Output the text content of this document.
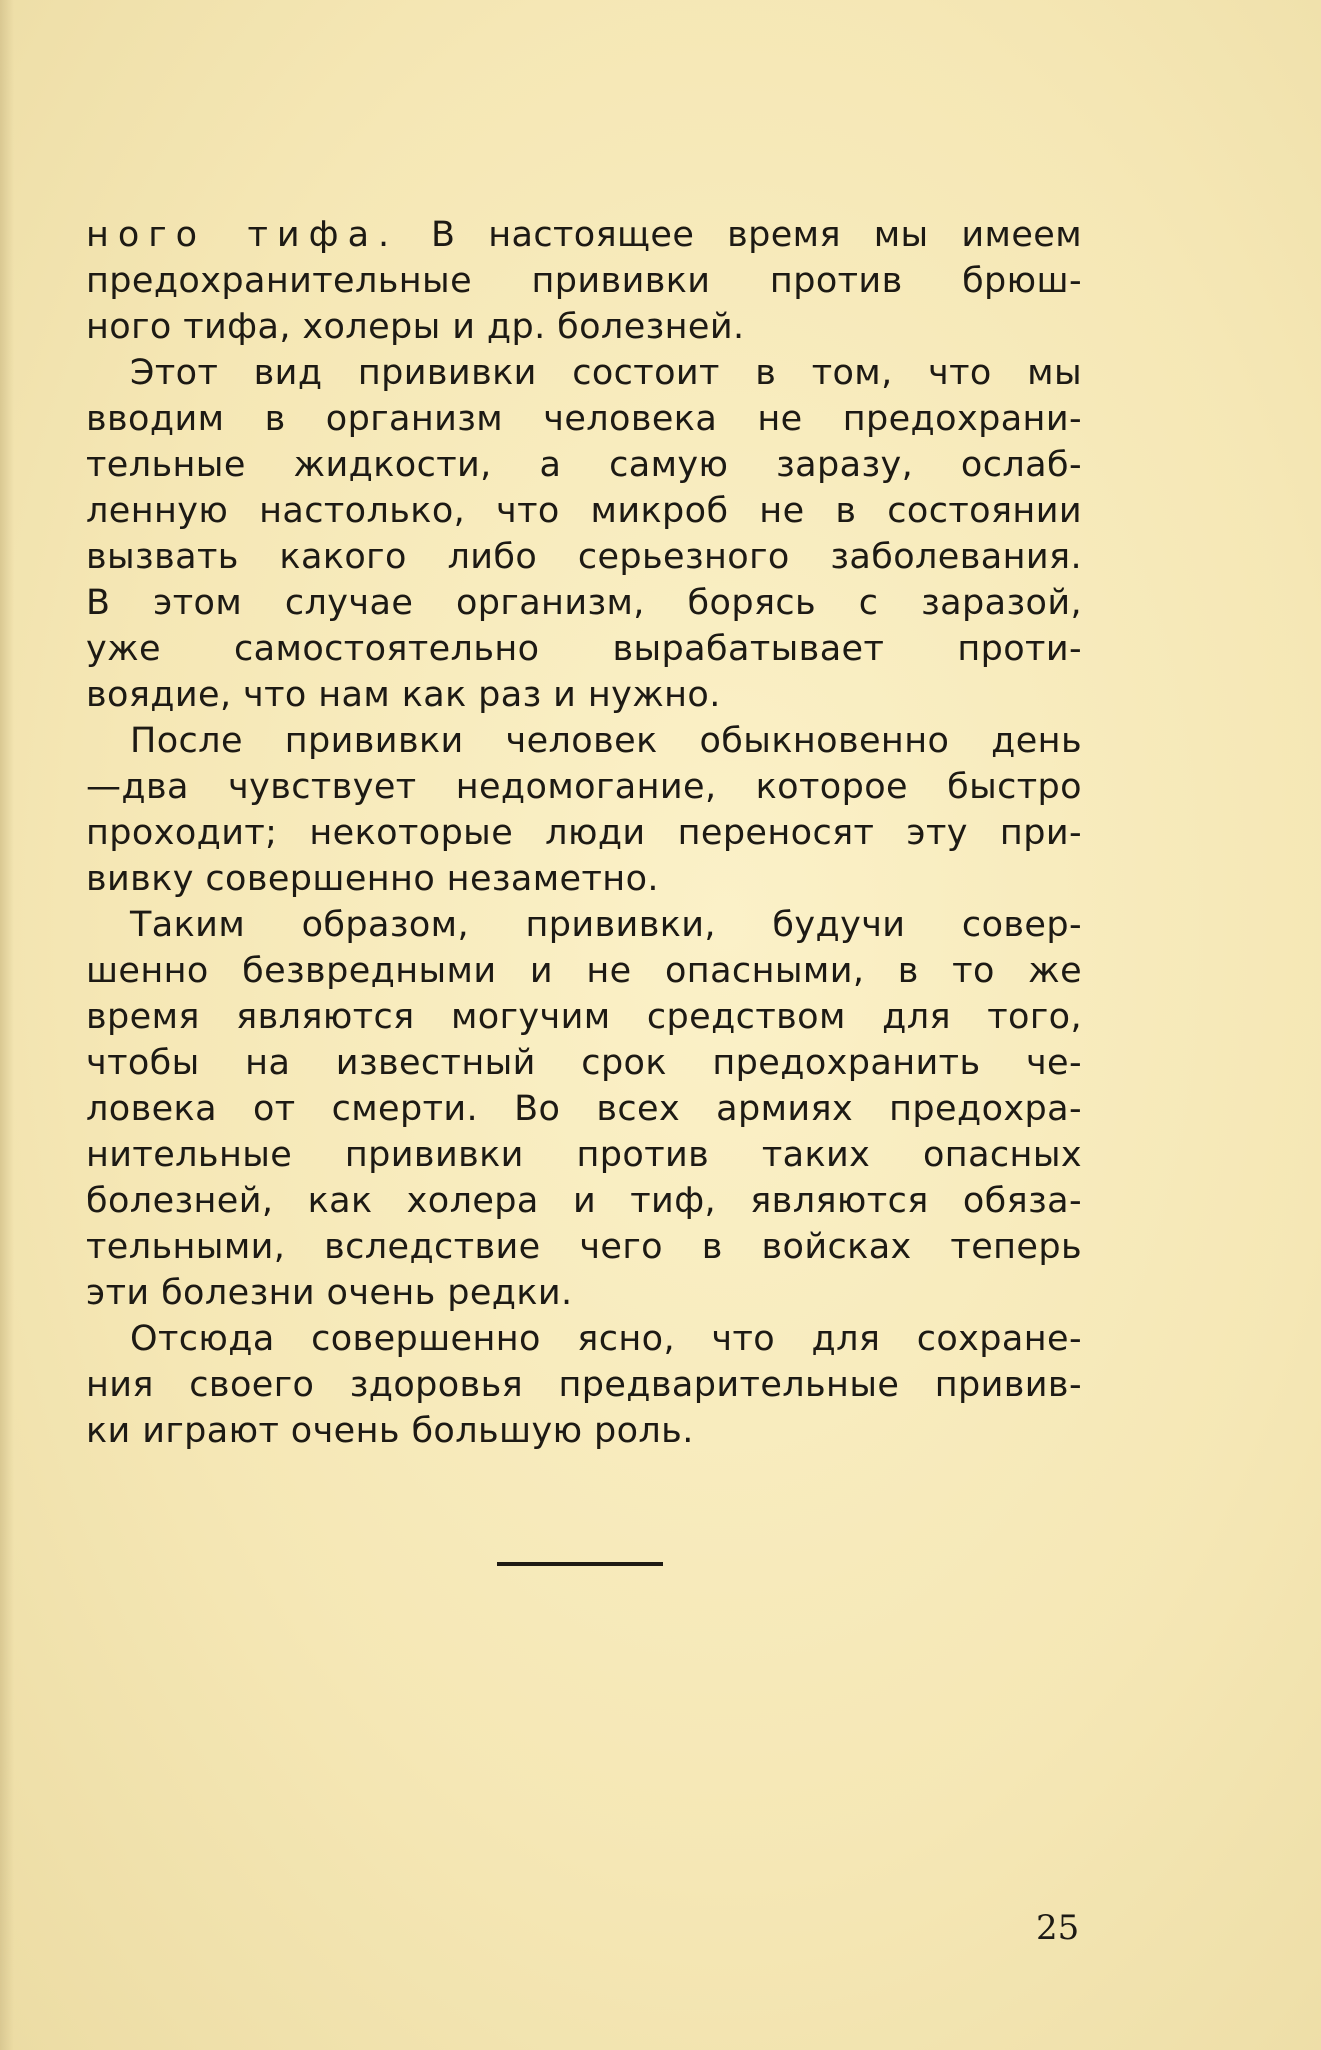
ного тифа. В настоящее время мы имеем
предохранительные прививки против брюш-
ного тифа, холеры и др. болезней.
Этот вид прививки состоит в том, что мы
вводим в организм человека не предохрани-
тельные жидкости, а самую заразу, ослаб-
ленную настолько, что микроб не в состоянии
вызвать какого либо серьезного заболевания.
В этом случае организм, борясь с заразой,
уже самостоятельно вырабатывает проти-
воядие, что нам как раз и нужно.
После прививки человек обыкновенно день
—два чувствует недомогание, которое быстро
проходит; некоторые люди переносят эту при-
вивку совершенно незаметно.
Таким образом, прививки, будучи совер-
шенно безвредными и не опасными, в то же
время являются могучим средством для того,
чтобы на известный срок предохранить че-
ловека от смерти. Во всех армиях предохра-
нительные прививки против таких опасных
болезней, как холера и тиф, являются обяза-
тельными, вследствие чего в войсках теперь
эти болезни очень редки.
Отсюда совершенно ясно, что для сохране-
ния своего здоровья предварительные привив-
ки играют очень большую роль.
25
